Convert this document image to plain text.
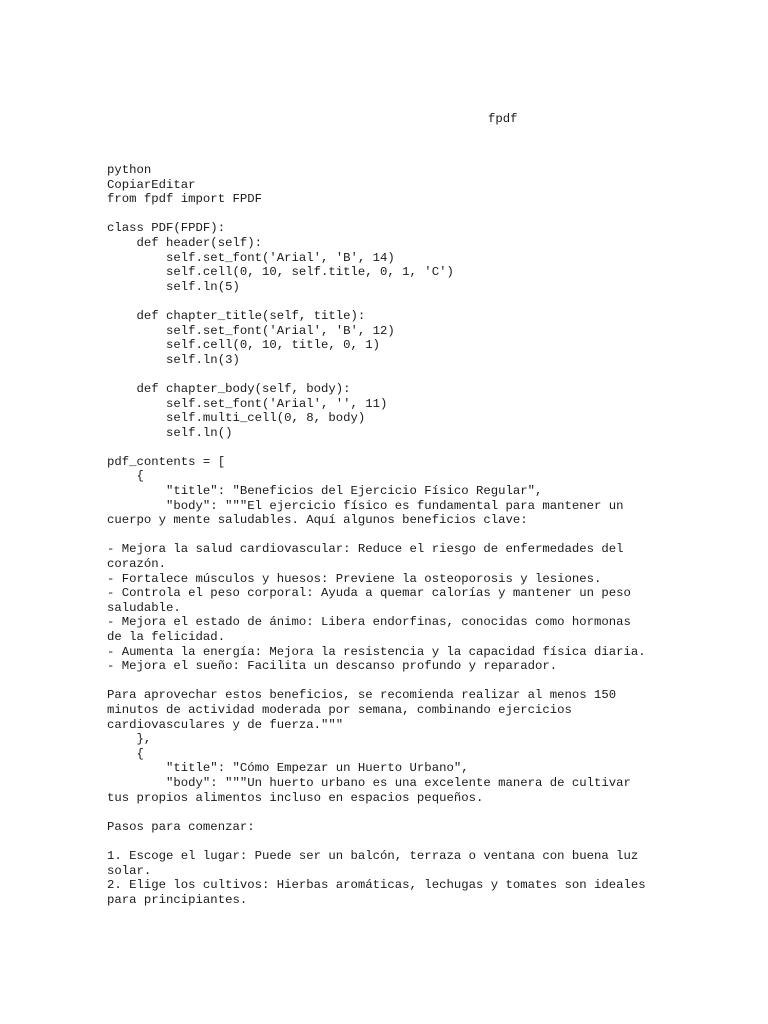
fpdf
python
CopiarEditar
from fpdf import FPDF
class PDF(FPDF):
def header(self):
self.set_font('Arial', 'B', 14)
self.cell(0, 10, self.title, 0, 1, 'C')
self.ln(5)
def chapter_title(self, title):
self.set_font('Arial', 'B', 12)
self.cell(0, 10, title, 0, 1)
self.ln(3)
def chapter_body(self, body):
self.set_font('Arial', '', 11)
self.multi_cell(0, 8, body)
self.ln()
pdf_contents = [
{
"title": "Beneficios del Ejercicio Físico Regular",
"body": """El ejercicio físico es fundamental para mantener un
cuerpo y mente saludables. Aquí algunos beneficios clave:
- Mejora la salud cardiovascular: Reduce el riesgo de enfermedades del
corazón.
- Fortalece músculos y huesos: Previene la osteoporosis y lesiones.
- Controla el peso corporal: Ayuda a quemar calorías y mantener un peso
saludable.
- Mejora el estado de ánimo: Libera endorfinas, conocidas como hormonas
de la felicidad.
- Aumenta la energía: Mejora la resistencia y la capacidad física diaria.
- Mejora el sueño: Facilita un descanso profundo y reparador.
Para aprovechar estos beneficios, se recomienda realizar al menos 150
minutos de actividad moderada por semana, combinando ejercicios
cardiovasculares y de fuerza."""
},
{
"title": "Cómo Empezar un Huerto Urbano",
"body": """Un huerto urbano es una excelente manera de cultivar
tus propios alimentos incluso en espacios pequeños.
Pasos para comenzar:
1. Escoge el lugar: Puede ser un balcón, terraza o ventana con buena luz
solar.
2. Elige los cultivos: Hierbas aromáticas, lechugas y tomates son ideales
para principiantes.
